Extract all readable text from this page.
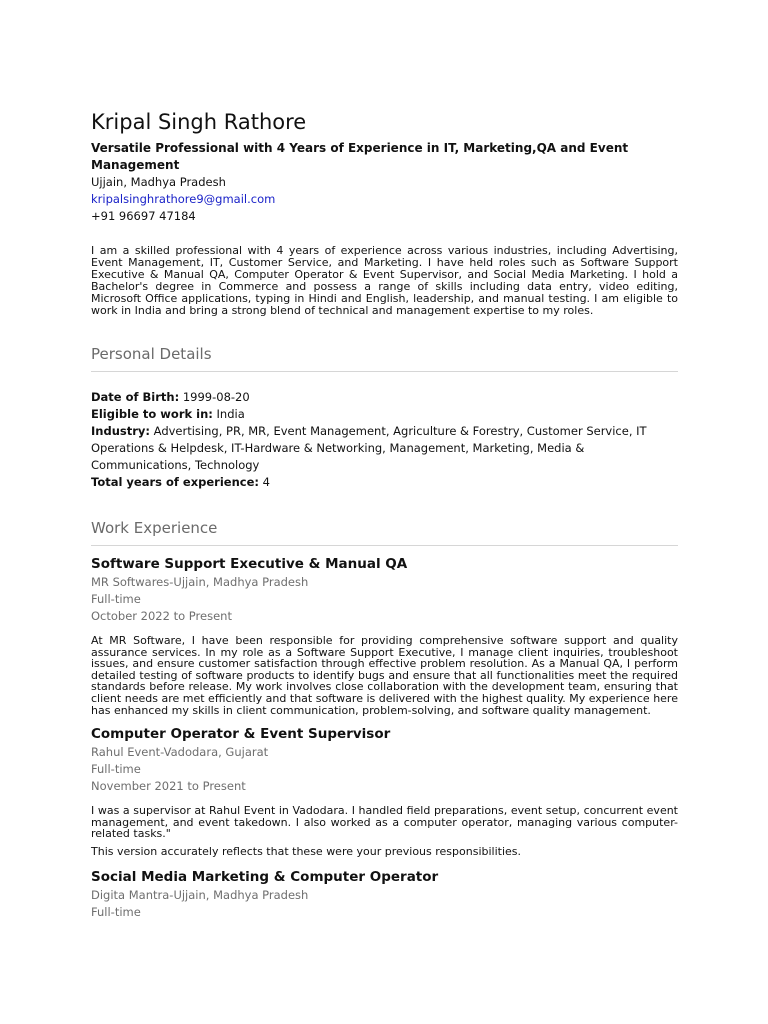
Kripal Singh Rathore
Versatile Professional with 4 Years of Experience in IT, Marketing,QA and Event Management
Ujjain, Madhya Pradesh
kripalsinghrathore9@gmail.com
+91 96697 47184
I am a skilled professional with 4 years of experience across various industries, including Advertising, Event Management, IT, Customer Service, and Marketing. I have held roles such as Software Support Executive & Manual QA, Computer Operator & Event Supervisor, and Social Media Marketing. I hold a Bachelor's degree in Commerce and possess a range of skills including data entry, video editing, Microsoft Office applications, typing in Hindi and English, leadership, and manual testing. I am eligible to work in India and bring a strong blend of technical and management expertise to my roles.
Personal Details
Date of Birth: 1999-08-20
Eligible to work in: India
Industry: Advertising, PR, MR, Event Management, Agriculture & Forestry, Customer Service, IT Operations & Helpdesk, IT-Hardware & Networking, Management, Marketing, Media & Communications, Technology
Total years of experience: 4
Work Experience
Software Support Executive & Manual QA
MR Softwares-Ujjain, Madhya Pradesh
Full-time
October 2022 to Present
At MR Software, I have been responsible for providing comprehensive software support and quality assurance services. In my role as a Software Support Executive, I manage client inquiries, troubleshoot issues, and ensure customer satisfaction through effective problem resolution. As a Manual QA, I perform detailed testing of software products to identify bugs and ensure that all functionalities meet the required standards before release. My work involves close collaboration with the development team, ensuring that client needs are met efficiently and that software is delivered with the highest quality. My experience here has enhanced my skills in client communication, problem-solving, and software quality management.
Computer Operator & Event Supervisor
Rahul Event-Vadodara, Gujarat
Full-time
November 2021 to Present
I was a supervisor at Rahul Event in Vadodara. I handled field preparations, event setup, concurrent event management, and event takedown. I also worked as a computer operator, managing various computer-related tasks."
This version accurately reflects that these were your previous responsibilities.
Social Media Marketing & Computer Operator
Digita Mantra-Ujjain, Madhya Pradesh
Full-time
